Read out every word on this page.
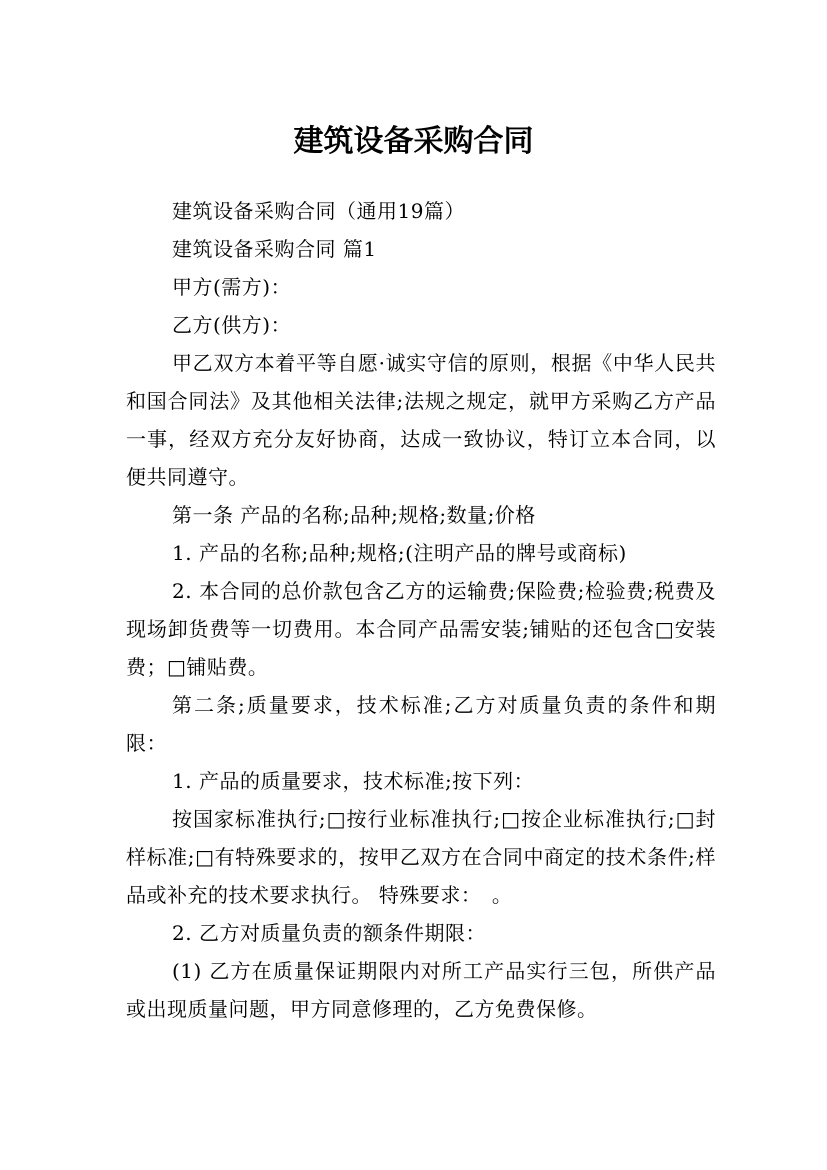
建筑设备采购合同

建筑设备采购合同（通用19篇）

建筑设备采购合同 篇1

甲方(需方)：

乙方(供方)：

甲乙双方本着平等自愿·诚实守信的原则，根据《中华人民共和国合同法》及其他相关法律;法规之规定，就甲方采购乙方产品一事，经双方充分友好协商，达成一致协议，特订立本合同，以便共同遵守。

第一条 产品的名称;品种;规格;数量;价格

1. 产品的名称;品种;规格;(注明产品的牌号或商标)

2. 本合同的总价款包含乙方的运输费;保险费;检验费;税费及现场卸货费等一切费用。本合同产品需安装;铺贴的还包含□安装费；□铺贴费。

第二条;质量要求，技术标准;乙方对质量负责的条件和期限：

1. 产品的质量要求，技术标准;按下列：

按国家标准执行;□按行业标准执行;□按企业标准执行;□封样标准;□有特殊要求的，按甲乙双方在合同中商定的技术条件;样品或补充的技术要求执行。 特殊要求：　。

2. 乙方对质量负责的额条件期限：

(1) 乙方在质量保证期限内对所工产品实行三包，所供产品或出现质量问题，甲方同意修理的，乙方免费保修。
